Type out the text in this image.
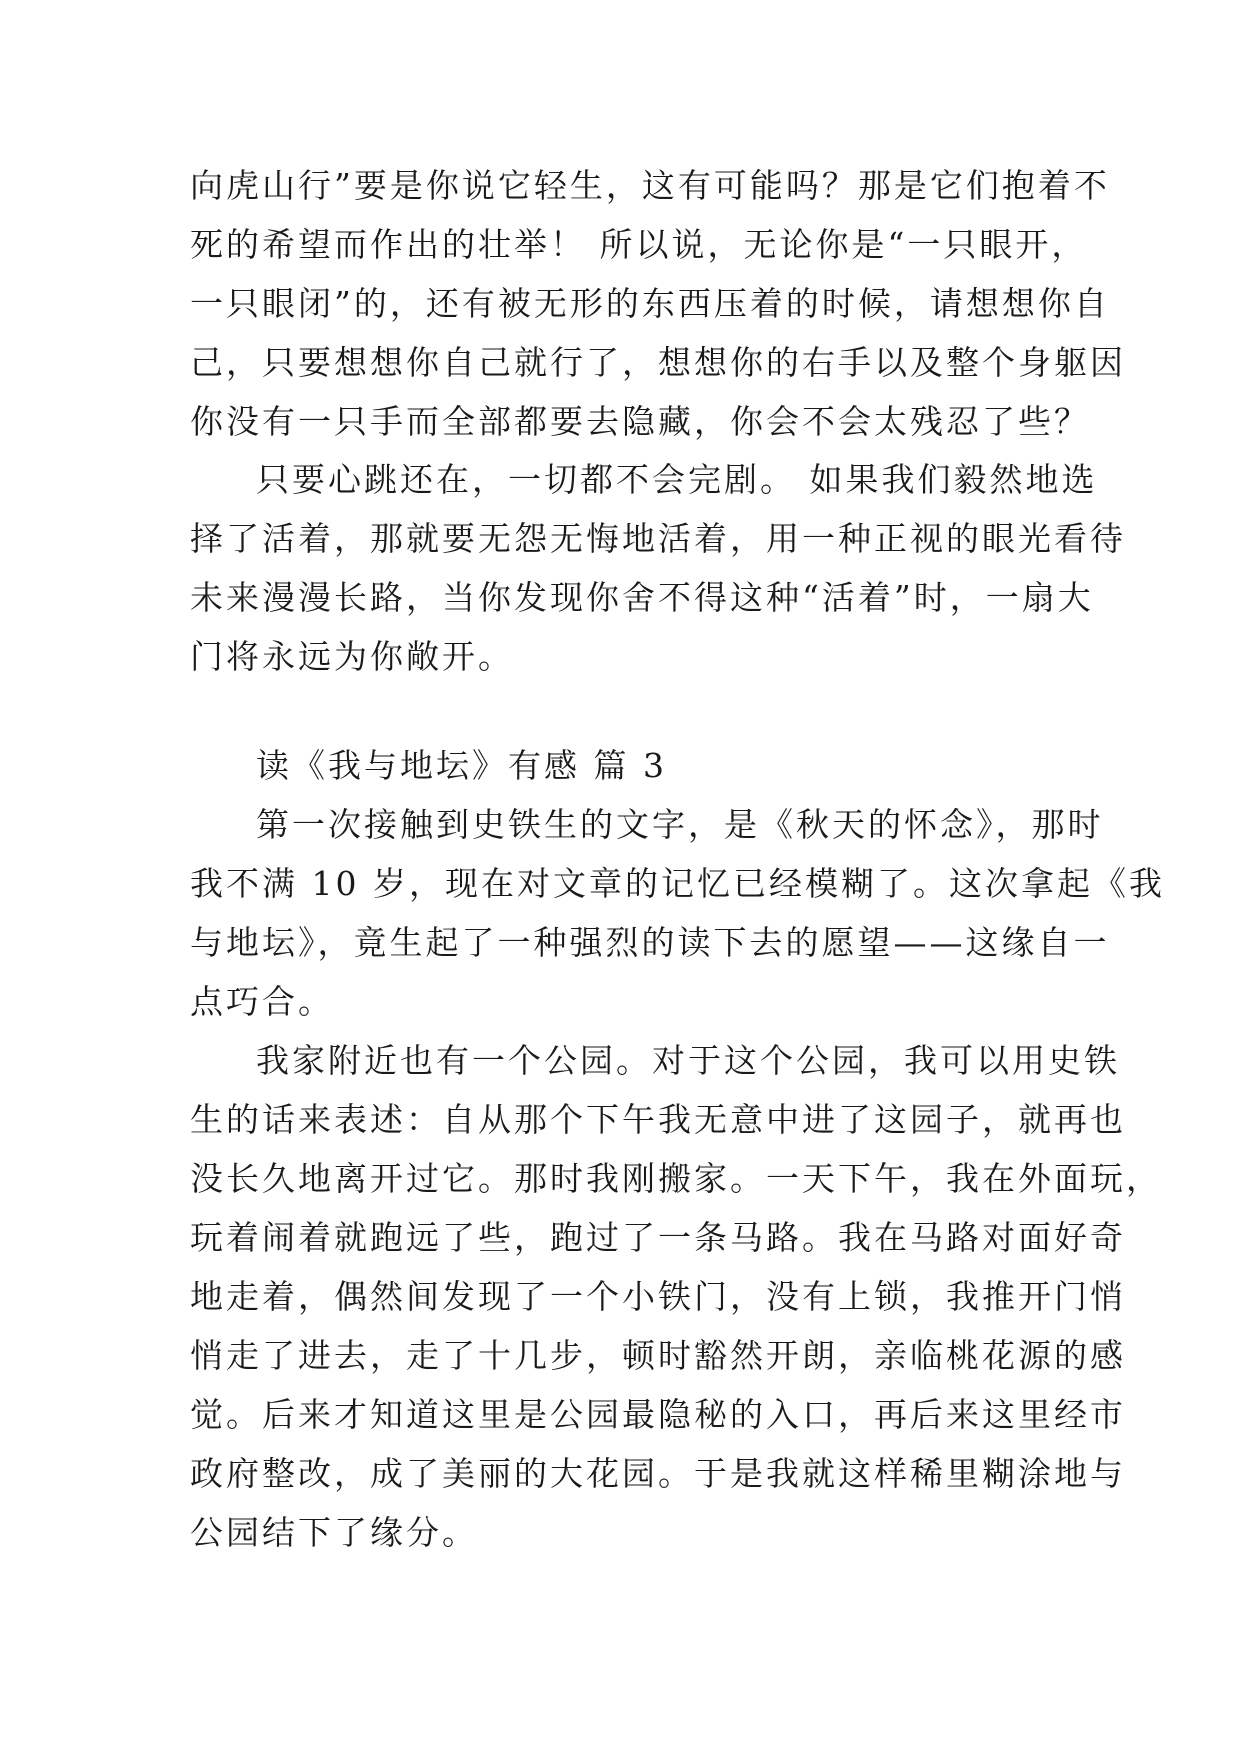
向虎山行”要是你说它轻生，这有可能吗？那是它们抱着不
死的希望而作出的壮举！ 所以说，无论你是“一只眼开，
一只眼闭”的，还有被无形的东西压着的时候，请想想你自
己，只要想想你自己就行了，想想你的右手以及整个身躯因
你没有一只手而全部都要去隐藏，你会不会太残忍了些？
只要心跳还在，一切都不会完剧。 如果我们毅然地选
择了活着，那就要无怨无悔地活着，用一种正视的眼光看待
未来漫漫长路，当你发现你舍不得这种“活着”时，一扇大
门将永远为你敞开。
读《我与地坛》有感 篇 3
第一次接触到史铁生的文字，是《秋天的怀念》，那时
我不满 10 岁，现在对文章的记忆已经模糊了。这次拿起《我
与地坛》，竟生起了一种强烈的读下去的愿望——这缘自一
点巧合。
我家附近也有一个公园。对于这个公园，我可以用史铁
生的话来表述：自从那个下午我无意中进了这园子，就再也
没长久地离开过它。那时我刚搬家。一天下午，我在外面玩，
玩着闹着就跑远了些，跑过了一条马路。我在马路对面好奇
地走着，偶然间发现了一个小铁门，没有上锁，我推开门悄
悄走了进去，走了十几步，顿时豁然开朗，亲临桃花源的感
觉。后来才知道这里是公园最隐秘的入口，再后来这里经市
政府整改，成了美丽的大花园。于是我就这样稀里糊涂地与
公园结下了缘分。
